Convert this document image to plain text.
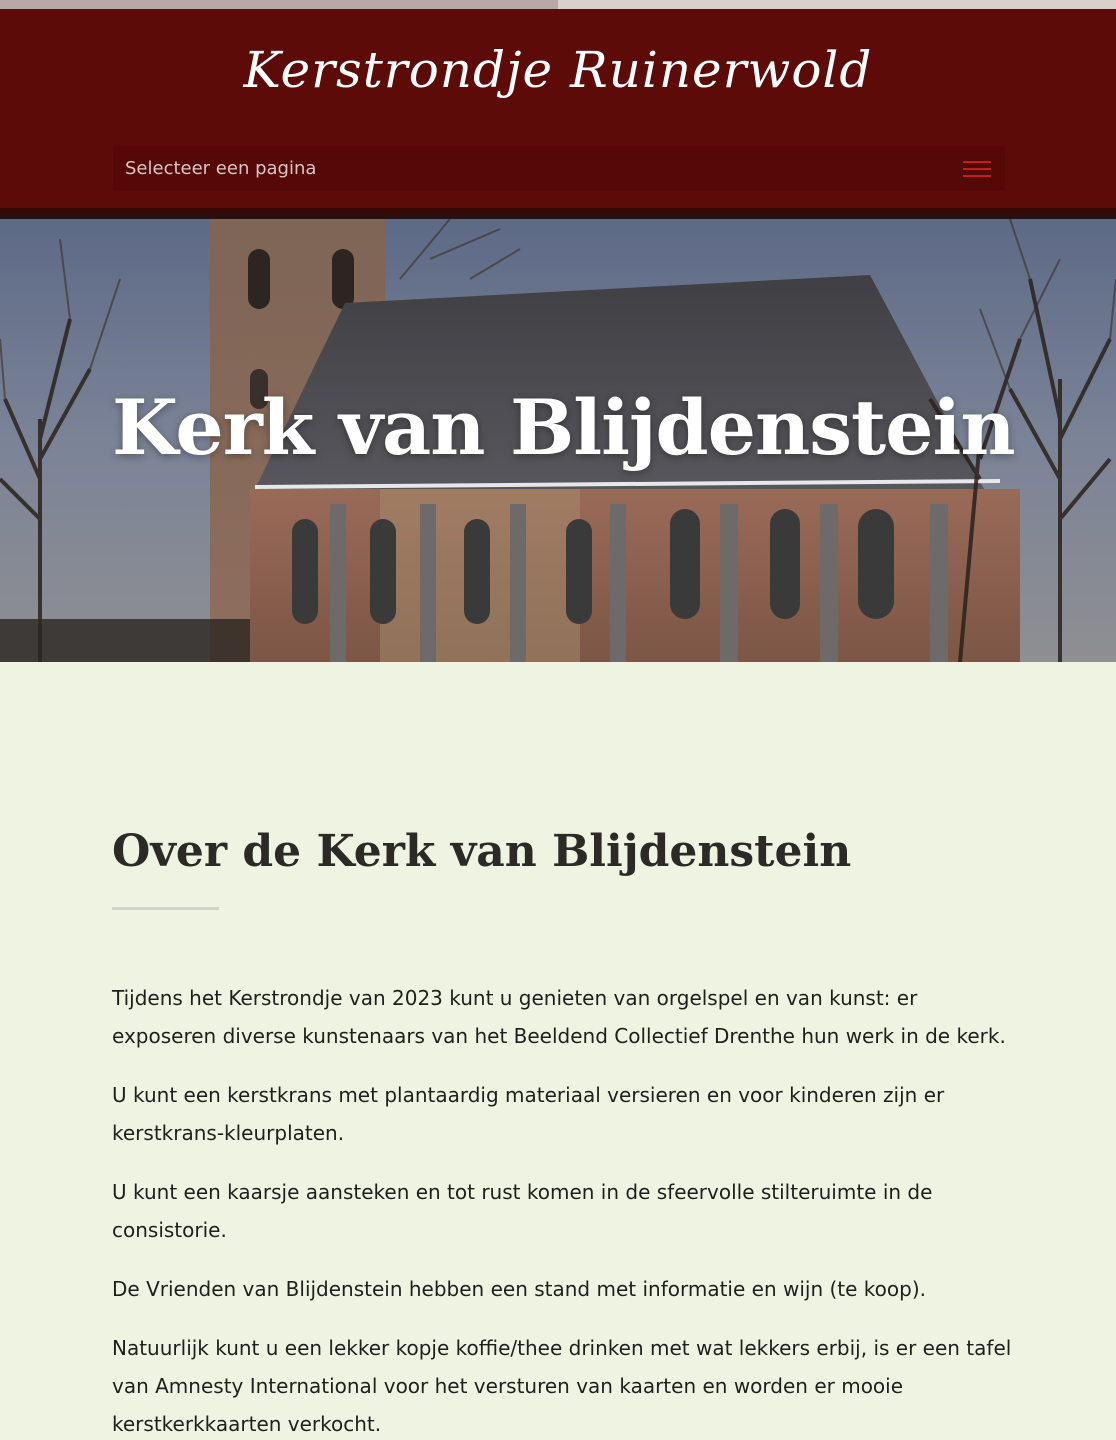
Kerstrondje Ruinerwold
Selecteer een pagina
Kerk van Blijdenstein
Over de Kerk van Blijdenstein

Tijdens het Kerstrondje van 2023 kunt u genieten van orgelspel en van kunst: er exposeren diverse kunstenaars van het Beeldend Collectief Drenthe hun werk in de kerk.

U kunt een kerstkrans met plantaardig materiaal versieren en voor kinderen zijn er kerstkrans-kleurplaten.

U kunt een kaarsje aansteken en tot rust komen in de sfeervolle stilteruimte in de consistorie.

De Vrienden van Blijdenstein hebben een stand met informatie en wijn (te koop).

Natuurlijk kunt u een lekker kopje koffie/thee drinken met wat lekkers erbij, is er een tafel van Amnesty International voor het versturen van kaarten en worden er mooie kerstkerkkaarten verkocht.
